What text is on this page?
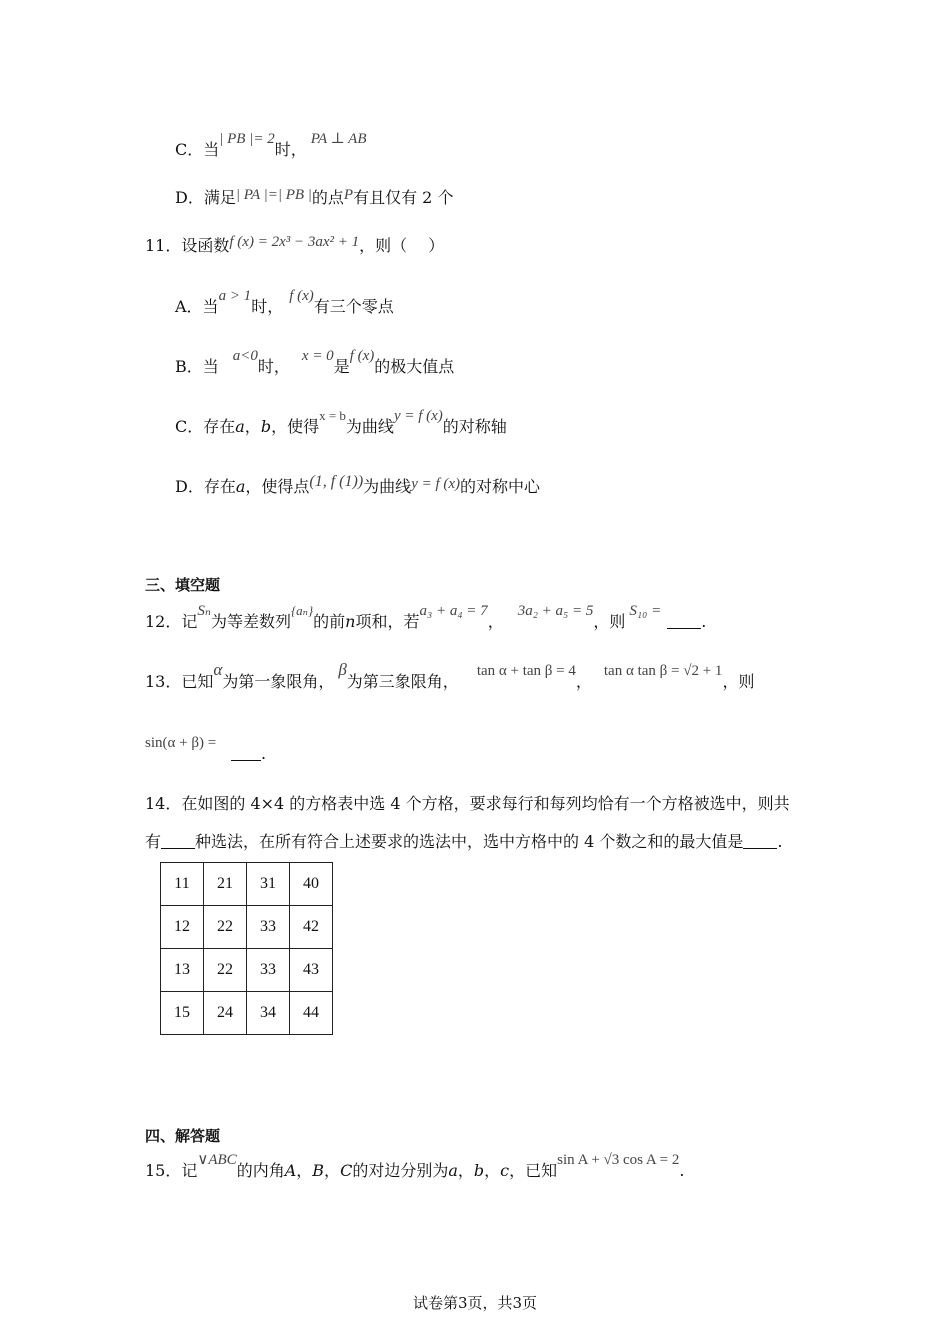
C．当| PB |= 2时，PA ⊥ AB
D．满足| PA |=| PB |的点P有且仅有 2 个
11．设函数f (x) = 2x³ − 3ax² + 1，则（　 ）
A．当a > 1时，f (x)有三个零点
B．当a<0时，x = 0是f (x)的极大值点
C．存在a，b，使得x = b为曲线y = f (x)的对称轴
D．存在a，使得点(1, f (1))为曲线y = f (x)的对称中心
三、填空题
12．记Sₙ为等差数列{aₙ}的前n项和，若a₃ + a₄ = 7，3a₂ + a₅ = 5，则S₁₀ =.
13．已知α为第一象限角，β为第三象限角，tan α + tan β = 4，tan α tan β = √2 + 1，则
sin(α + β) =

.
14．在如图的 4×4 的方格表中选 4 个方格，要求每行和每列均恰有一个方格被选中，则共
有 种选法，在所有符合上述要求的选法中，选中方格中的 4 个数之和的最大值是 .
11	21	31	40
12	22	33	42
13	22	33	43
15	24	34	44
四、解答题
15．记∨ABC的内角A，B，C的对边分别为a，b，c，已知sin A + √3 cos A = 2.
试卷第3页，共3页
